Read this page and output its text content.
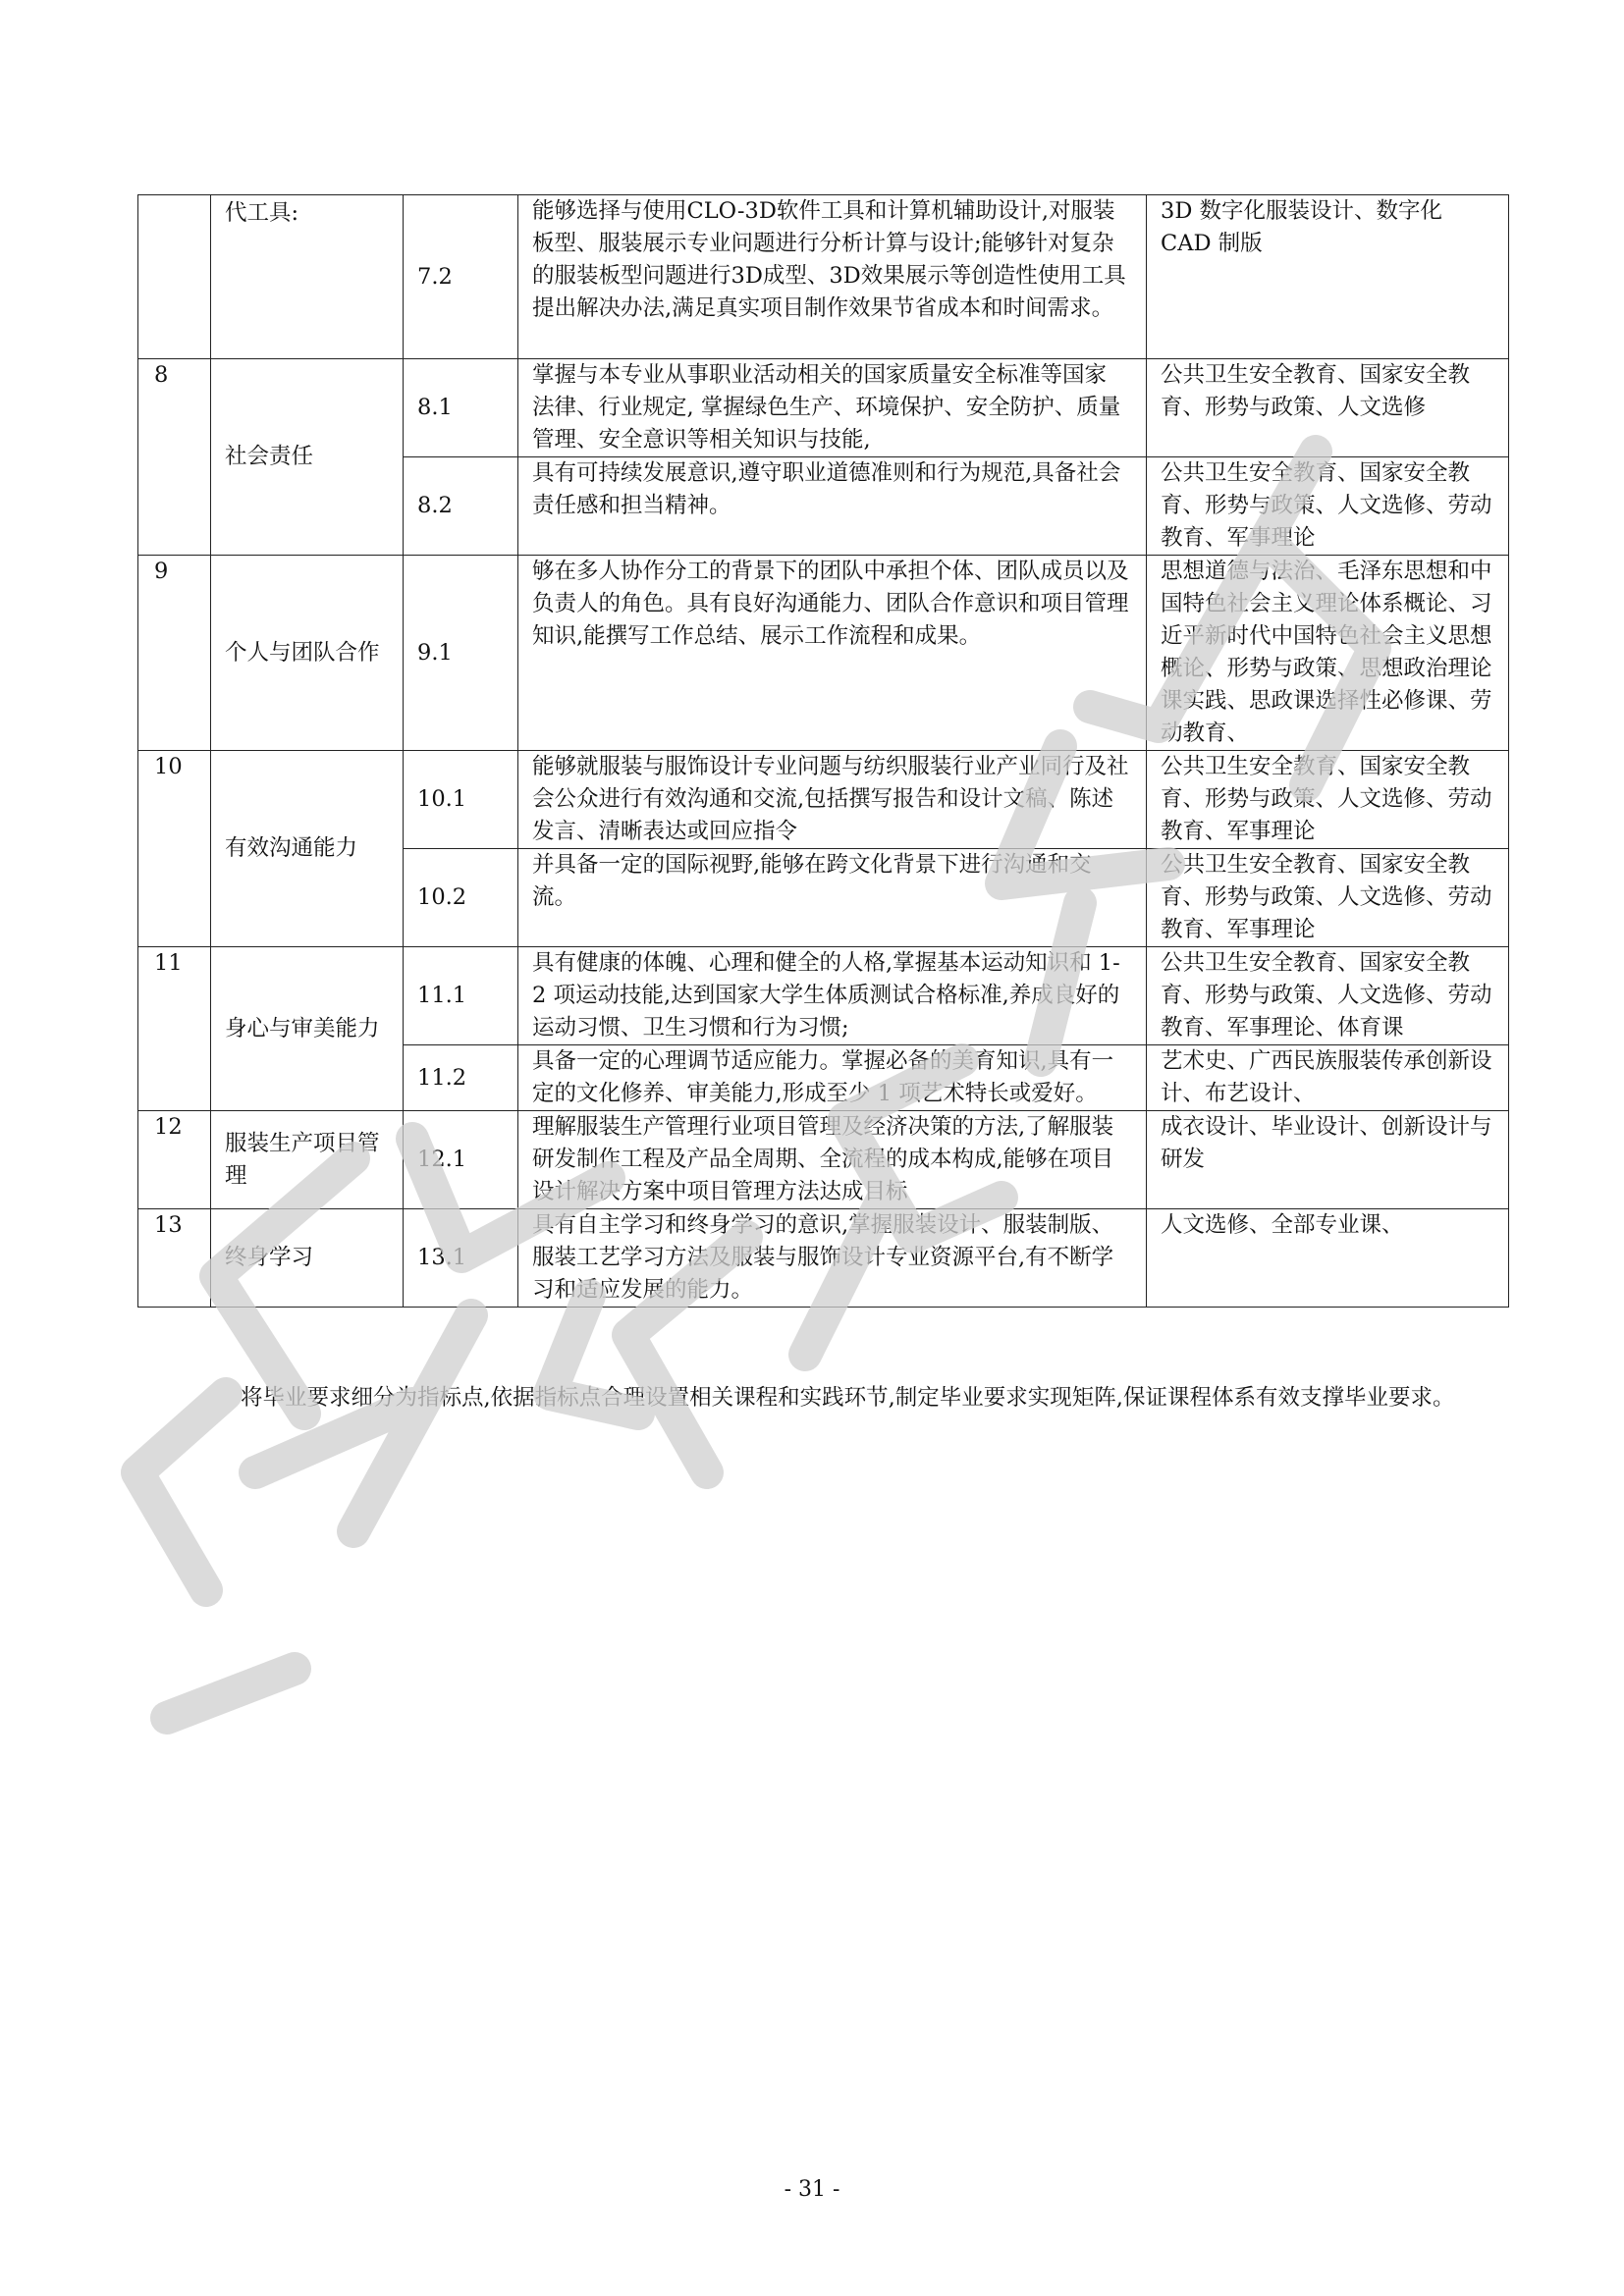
	代工具:	7.2	能够选择与使用CLO-3D软件工具和计算机辅助设计,对服装板型、服装展示专业问题进行分析计算与设计;能够针对复杂的服装板型问题进行3D成型、3D效果展示等创造性使用工具提出解决办法,满足真实项目制作效果节省成本和时间需求。	3D 数字化服装设计、数字化 CAD 制版
8	社会责任	8.1	掌握与本专业从事职业活动相关的国家质量安全标准等国家 法律、行业规定, 掌握绿色生产、环境保护、安全防护、质量管理、安全意识等相关知识与技能,	公共卫生安全教育、国家安全教育、形势与政策、人文选修
		8.2	具有可持续发展意识,遵守职业道德准则和行为规范,具备社会责任感和担当精神。	公共卫生安全教育、国家安全教育、形势与政策、人文选修、劳动教育、军事理论
9	个人与团队合作	9.1	够在多人协作分工的背景下的团队中承担个体、团队成员以及负责人的角色。具有良好沟通能力、团队合作意识和项目管理知识,能撰写工作总结、展示工作流程和成果。	思想道德与法治、毛泽东思想和中国特色社会主义理论体系概论、习近平新时代中国特色社会主义思想概论、形势与政策、思想政治理论课实践、思政课选择性必修课、劳动教育、
10	有效沟通能力	10.1	能够就服装与服饰设计专业问题与纺织服装行业产业同行及社会公众进行有效沟通和交流,包括撰写报告和设计文稿、陈述发言、清晰表达或回应指令	公共卫生安全教育、国家安全教育、形势与政策、人文选修、劳动教育、军事理论
		10.2	并具备一定的国际视野,能够在跨文化背景下进行沟通和交流。	公共卫生安全教育、国家安全教育、形势与政策、人文选修、劳动教育、军事理论
11	身心与审美能力	11.1	具有健康的体魄、心理和健全的人格,掌握基本运动知识和 1-2 项运动技能,达到国家大学生体质测试合格标准,养成良好的运动习惯、卫生习惯和行为习惯;	公共卫生安全教育、国家安全教育、形势与政策、人文选修、劳动教育、军事理论、体育课
		11.2	具备一定的心理调节适应能力。掌握必备的美育知识,具有一定的文化修养、审美能力,形成至少 1 项艺术特长或爱好。	艺术史、广西民族服装传承创新设计、布艺设计、
12	服装生产项目管理	12.1	理解服装生产管理行业项目管理及经济决策的方法,了解服装研发制作工程及产品全周期、全流程的成本构成,能够在项目设计解决方案中项目管理方法达成目标	成衣设计、毕业设计、创新设计与研发
13	终身学习	13.1	具有自主学习和终身学习的意识,掌握服装设计、服装制版、服装工艺学习方法及服装与服饰设计专业资源平台,有不断学习和适应发展的能力。	人文选修、全部专业课、

将毕业要求细分为指标点,依据指标点合理设置相关课程和实践环节,制定毕业要求实现矩阵,保证课程体系有效支撑毕业要求。

- 31 -
